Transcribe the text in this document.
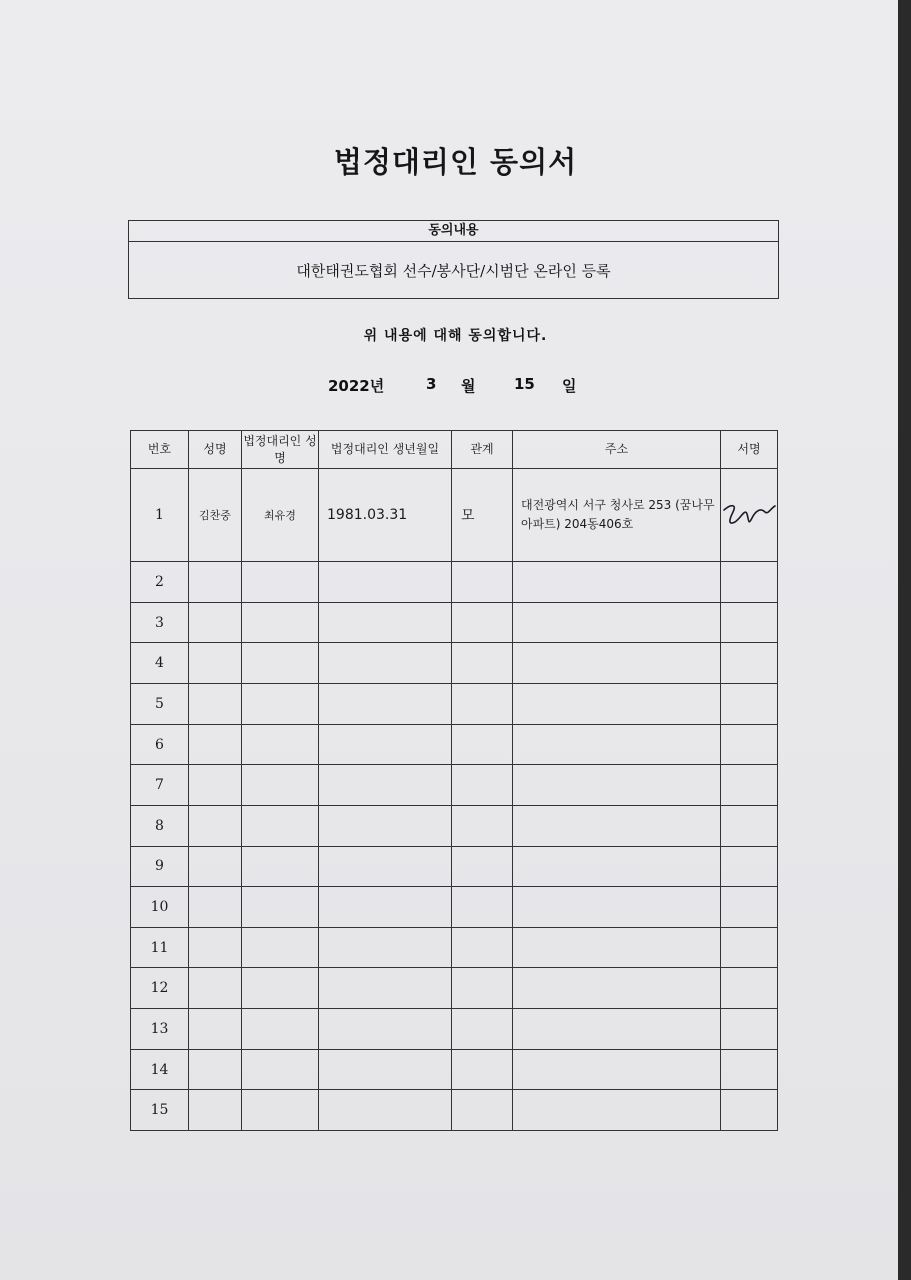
법정대리인 동의서
동의내용
대한태권도협회 선수/봉사단/시범단 온라인 등록
위 내용에 대해 동의합니다.
2022년	3 월	15 일
번호	성명	법정대리인 성명	법정대리인 생년월일	관계	주소	서명
1	김찬중	최유경	1981.03.31	모	대전광역시 서구 청사로 253 (꿈나무아파트) 204동406호	

2						
3						
4						
5						
6						
7						
8						
9						
10						
11						
12						
13						
14						
15						
